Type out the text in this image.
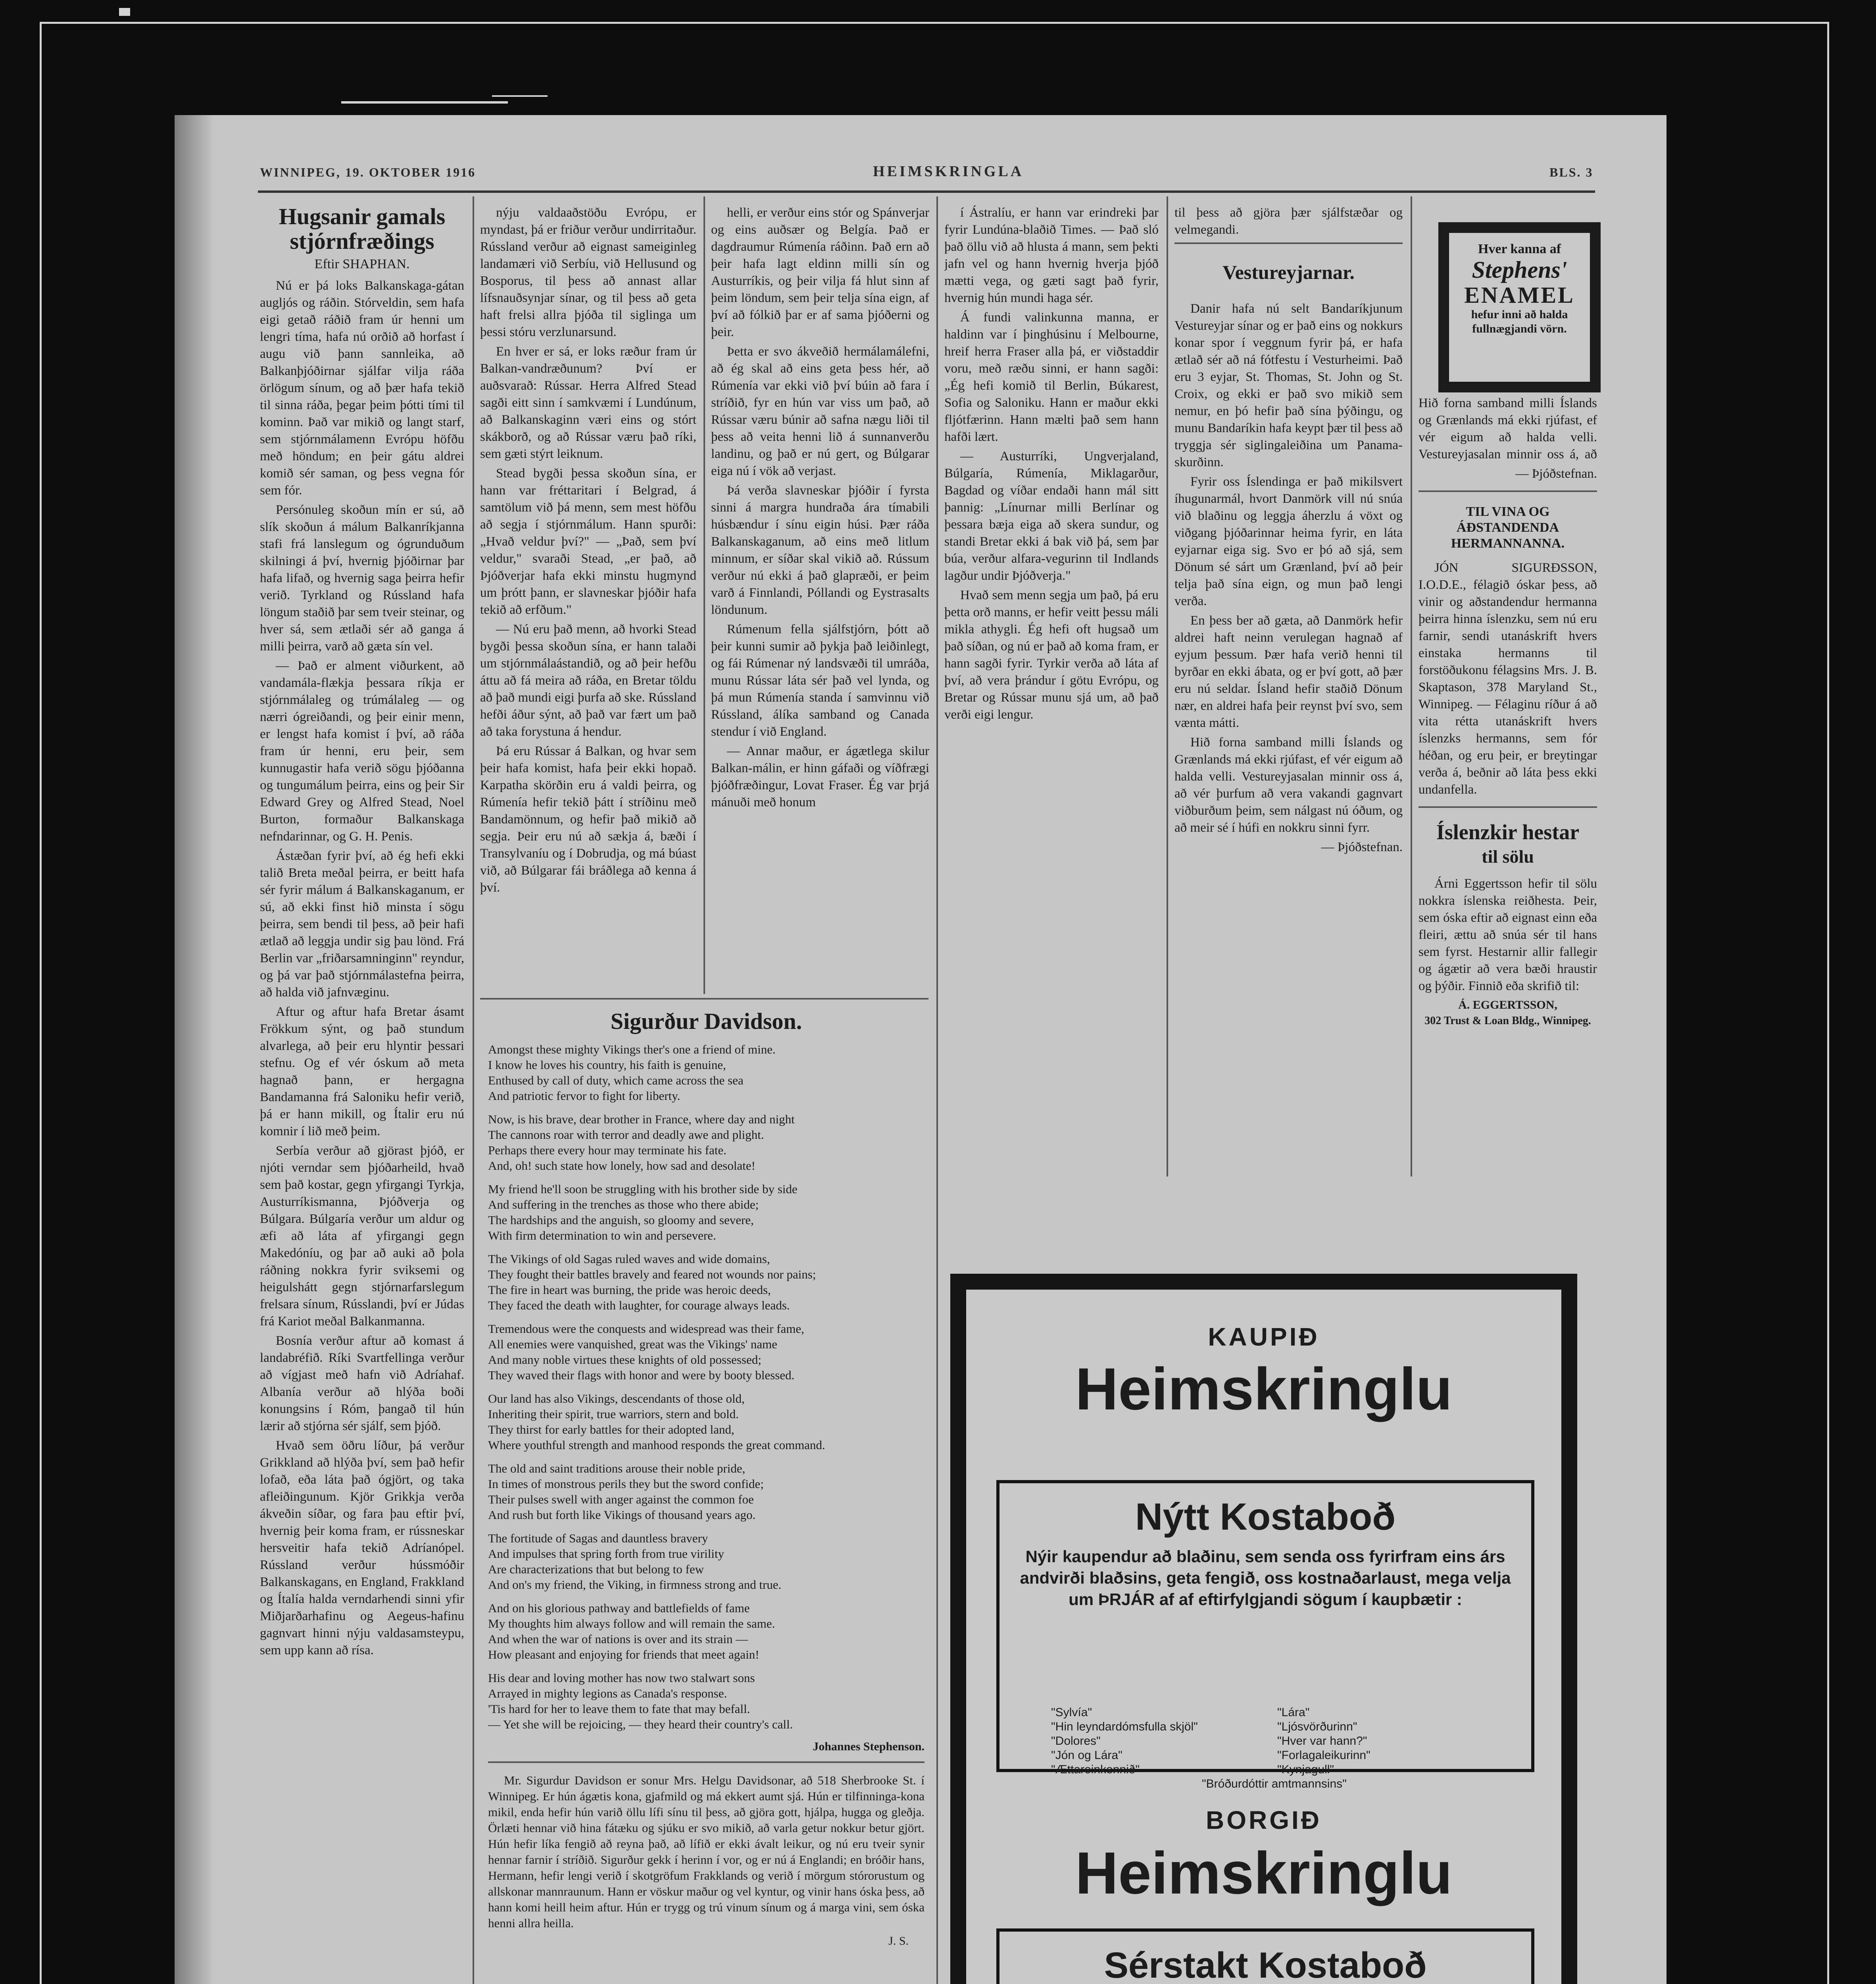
WINNIPEG, 19. OKTOBER 1916	HEIMSKRINGLA	BLS. 3
Hugsanir gamals
stjórnfræðings
Eftir SHAPHAN.

Nú er þá loks Balkanskaga-gátan augljós og ráðin. Stórveldin, sem hafa eigi getað ráðið fram úr henni um lengri tíma, hafa nú orðið að horfast í augu við þann sannleika, að Balkanþjóðirnar sjálfar vilja ráða örlögum sínum, og að þær hafa tekið til sinna ráða, þegar þeim þótti tími til kominn. Það var mikið og langt starf, sem stjórnmálamenn Evrópu höfðu með höndum; en þeir gátu aldrei komið sér saman, og þess vegna fór sem fór.

Persónuleg skoðun mín er sú, að slík skoðun á málum Balkanríkjanna stafi frá lanslegum og ógrunduðum skilningi á því, hvernig þjóðirnar þar hafa lifað, og hvernig saga þeirra hefir verið. Tyrkland og Rússland hafa löngum staðið þar sem tveir steinar, og hver sá, sem ætlaði sér að ganga á milli þeirra, varð að gæta sín vel.

— Það er alment viðurkent, að vandamála-flækja þessara ríkja er stjórnmálaleg og trúmálaleg — og nærri ógreiðandi, og þeir einir menn, er lengst hafa komist í því, að ráða fram úr henni, eru þeir, sem kunnugastir hafa verið sögu þjóðanna og tungumálum þeirra, eins og þeir Sir Edward Grey og Alfred Stead, Noel Burton, formaður Balkanskaga nefndarinnar, og G. H. Penis.

Ástæðan fyrir því, að ég hefi ekki talið Breta meðal þeirra, er beitt hafa sér fyrir málum á Balkanskaganum, er sú, að ekki finst hið minsta í sögu þeirra, sem bendi til þess, að þeir hafi ætlað að leggja undir sig þau lönd. Frá Berlin var „friðarsamninginn" reyndur, og þá var það stjórnmálastefna þeirra, að halda við jafnvæginu.

Aftur og aftur hafa Bretar ásamt Frökkum sýnt, og það stundum alvarlega, að þeir eru hlyntir þessari stefnu. Og ef vér óskum að meta hagnað þann, er hergagna Bandamanna frá Saloniku hefir verið, þá er hann mikill, og Ítalir eru nú komnir í lið með þeim.

Serbía verður að gjörast þjóð, er njóti verndar sem þjóðarheild, hvað sem það kostar, gegn yfirgangi Tyrkja, Austurríkismanna, Þjóðverja og Búlgara. Búlgaría verður um aldur og æfi að láta af yfirgangi gegn Makedóníu, og þar að auki að þola ráðning nokkra fyrir sviksemi og heigulshátt gegn stjórnarfarslegum frelsara sínum, Rússlandi, því er Júdas frá Kariot meðal Balkanmanna.

Bosnía verður aftur að komast á landabréfið. Ríki Svartfellinga verður að vígjast með hafn við Adríahaf. Albanía verður að hlýða boði konungsins í Róm, þangað til hún lærir að stjórna sér sjálf, sem þjóð.

Hvað sem öðru líður, þá verður Grikkland að hlýða því, sem það hefir lofað, eða láta það ógjört, og taka afleiðingunum. Kjör Grikkja verða ákveðin síðar, og fara þau eftir því, hvernig þeir koma fram, er rússneskar hersveitir hafa tekið Adríanópel. Rússland verður hússmóðir Balkanskagans, en England, Frakkland og Ítalía halda verndarhendi sinni yfir Miðjarðarhafinu og Aegeus-hafinu gagnvart hinni nýju valdasamsteypu, sem upp kann að rísa.

nýju valdaaðstöðu Evrópu, er myndast, þá er friður verður undirritaður. Rússland verður að eignast sameiginleg landamæri við Serbíu, við Hellusund og Bosporus, til þess að annast allar lífsnauðsynjar sínar, og til þess að geta haft frelsi allra þjóða til siglinga um þessi stóru verzlunarsund.

En hver er sá, er loks ræður fram úr Balkan-vandræðunum? Því er auðsvarað: Rússar. Herra Alfred Stead sagði eitt sinn í samkvæmi í Lundúnum, að Balkanskaginn væri eins og stórt skákborð, og að Rússar væru það ríki, sem gæti stýrt leiknum.

Stead bygði þessa skoðun sína, er hann var fréttaritari í Belgrad, á samtölum við þá menn, sem mest höfðu að segja í stjórnmálum. Hann spurði: „Hvað veldur því?" — „Það, sem því veldur," svaraði Stead, „er það, að Þjóðverjar hafa ekki minstu hugmynd um þrótt þann, er slavneskar þjóðir hafa tekið að erfðum."

— Nú eru það menn, að hvorki Stead bygði þessa skoðun sína, er hann talaði um stjórnmálaástandið, og að þeir hefðu áttu að fá meira að ráða, en Bretar töldu að það mundi eigi þurfa að ske. Rússland hefði áður sýnt, að það var fært um það að taka forystuna á hendur.

Þá eru Rússar á Balkan, og hvar sem þeir hafa komist, hafa þeir ekki hopað. Karpatha skörðin eru á valdi þeirra, og Rúmenía hefir tekið þátt í stríðinu með Bandamönnum, og hefir það mikið að segja. Þeir eru nú að sækja á, bæði í Transylvaníu og í Dobrudja, og má búast við, að Búlgarar fái bráðlega að kenna á því.

helli, er verður eins stór og Spánverjar og eins auðsær og Belgía. Það er dagdraumur Rúmenía ráðinn. Það ern að þeir hafa lagt eldinn milli sín og Austurríkis, og þeir vilja fá hlut sinn af þeim löndum, sem þeir telja sína eign, af því að fólkið þar er af sama þjóðerni og þeir.

Þetta er svo ákveðið hermálamálefni, að ég skal að eins geta þess hér, að Rúmenía var ekki við því búin að fara í stríðið, fyr en hún var viss um það, að Rússar væru búnir að safna nægu liði til þess að veita henni lið á sunnanverðu landinu, og það er nú gert, og Búlgarar eiga nú í vök að verjast.

Þá verða slavneskar þjóðir í fyrsta sinni á margra hundraða ára tímabili húsbændur í sínu eigin húsi. Þær ráða Balkanskaganum, að eins með litlum minnum, er síðar skal vikið að. Rússum verður nú ekki á það glapræði, er þeim varð á Finnlandi, Póllandi og Eystrasalts löndunum.

Rúmenum fella sjálfstjórn, þótt að þeir kunni sumir að þykja það leiðinlegt, og fái Rúmenar ný landsvæði til umráða, munu Rússar láta sér það vel lynda, og þá mun Rúmenía standa í samvinnu við Rússland, álíka samband og Canada stendur í við England.

— Annar maður, er ágætlega skilur Balkan-málin, er hinn gáfaði og víðfrægi þjóðfræðingur, Lovat Fraser. Ég var þrjá mánuði með honum

Sigurður Davidson.
Amongst these mighty Vikings ther's one a friend of mine.
I know he loves his country, his faith is genuine,
Enthused by call of duty, which came across the sea
And patriotic fervor to fight for liberty.
Now, is his brave, dear brother in France, where day and night
The cannons roar with terror and deadly awe and plight.
Perhaps there every hour may terminate his fate.
And, oh! such state how lonely, how sad and desolate!
My friend he'll soon be struggling with his brother side by side
And suffering in the trenches as those who there abide;
The hardships and the anguish, so gloomy and severe,
With firm determination to win and persevere.
The Vikings of old Sagas ruled waves and wide domains,
They fought their battles bravely and feared not wounds nor pains;
The fire in heart was burning, the pride was heroic deeds,
They faced the death with laughter, for courage always leads.
Tremendous were the conquests and widespread was their fame,
All enemies were vanquished, great was the Vikings' name
And many noble virtues these knights of old possessed;
They waved their flags with honor and were by booty blessed.
Our land has also Vikings, descendants of those old,
Inheriting their spirit, true warriors, stern and bold.
They thirst for early battles for their adopted land,
Where youthful strength and manhood responds the great command.
The old and saint traditions arouse their noble pride,
In times of monstrous perils they but the sword confide;
Their pulses swell with anger against the common foe
And rush but forth like Vikings of thousand years ago.
The fortitude of Sagas and dauntless bravery
And impulses that spring forth from true virility
Are characterizations that but belong to few
And on's my friend, the Viking, in firmness strong and true.
And on his glorious pathway and battlefields of fame
My thoughts him always follow and will remain the same.
And when the war of nations is over and its strain —
How pleasant and enjoying for friends that meet again!
His dear and loving mother has now two stalwart sons
Arrayed in mighty legions as Canada's response.
'Tis hard for her to leave them to fate that may befall.
— Yet she will be rejoicing, — they heard their country's call.
Johannes Stephenson.

Mr. Sigurdur Davidson er sonur Mrs. Helgu Davidsonar, að 518 Sherbrooke St. í Winnipeg. Er hún ágætis kona, gjafmild og má ekkert aumt sjá. Hún er tilfinninga-kona mikil, enda hefir hún varið öllu lífi sínu til þess, að gjöra gott, hjálpa, hugga og gleðja. Örlæti hennar við hina fátæku og sjúku er svo mikið, að varla getur nokkur betur gjört. Hún hefir líka fengið að reyna það, að lífið er ekki ávalt leikur, og nú eru tveir synir hennar farnir í stríðið. Sigurður gekk í herinn í vor, og er nú á Englandi; en bróðir hans, Hermann, hefir lengi verið í skotgröfum Frakklands og verið í mörgum stórorustum og allskonar mannraunum. Hann er vöskur maður og vel kyntur, og vinir hans óska þess, að hann komi heill heim aftur. Hún er trygg og trú vinum sínum og á marga vini, sem óska henni allra heilla.

J. S.

í Ástralíu, er hann var erindreki þar fyrir Lundúna-blaðið Times. — Það sló það öllu við að hlusta á mann, sem þekti jafn vel og hann hvernig hverja þjóð mætti vega, og gæti sagt það fyrir, hvernig hún mundi haga sér.

Á fundi valinkunna manna, er haldinn var í þinghúsinu í Melbourne, hreif herra Fraser alla þá, er viðstaddir voru, með ræðu sinni, er hann sagði: „Ég hefi komið til Berlin, Búkarest, Sofia og Saloniku. Hann er maður ekki fljótfærinn. Hann mælti það sem hann hafði lært.

— Austurríki, Ungverjaland, Búlgaría, Rúmenía, Miklagarður, Bagdad og víðar endaði hann mál sitt þannig: „Línurnar milli Berlínar og þessara bæja eiga að skera sundur, og standi Bretar ekki á bak við þá, sem þar búa, verður alfara-vegurinn til Indlands lagður undir Þjóðverja."

Hvað sem menn segja um það, þá eru þetta orð manns, er hefir veitt þessu máli mikla athygli. Ég hefi oft hugsað um það síðan, og nú er það að koma fram, er hann sagði fyrir. Tyrkir verða að láta af því, að vera þrándur í götu Evrópu, og Bretar og Rússar munu sjá um, að það verði eigi lengur.

til þess að gjöra þær sjálfstæðar og velmegandi.

Vestureyjarnar.

Danir hafa nú selt Bandaríkjunum Vestureyjar sínar og er það eins og nokkurs konar spor í veggnum fyrir þá, er hafa ætlað sér að ná fótfestu í Vesturheimi. Það eru 3 eyjar, St. Thomas, St. John og St. Croix, og ekki er það svo mikið sem nemur, en þó hefir það sína þýðingu, og munu Bandaríkin hafa keypt þær til þess að tryggja sér siglingaleiðina um Panama-skurðinn.

Fyrir oss Íslendinga er það mikilsvert íhugunarmál, hvort Danmörk vill nú snúa við blaðinu og leggja áherzlu á vöxt og viðgang þjóðarinnar heima fyrir, en láta eyjarnar eiga sig. Svo er þó að sjá, sem Dönum sé sárt um Grænland, því að þeir telja það sína eign, og mun það lengi verða.

En þess ber að gæta, að Danmörk hefir aldrei haft neinn verulegan hagnað af eyjum þessum. Þær hafa verið henni til byrðar en ekki ábata, og er því gott, að þær eru nú seldar. Ísland hefir staðið Dönum nær, en aldrei hafa þeir reynst því svo, sem vænta mátti.

Hið forna samband milli Íslands og Grænlands má ekki rjúfast, ef vér eigum að halda velli. Vestureyjasalan minnir oss á, að vér þurfum að vera vakandi gagnvart viðburðum þeim, sem nálgast nú óðum, og að meir sé í húfi en nokkru sinni fyrr.

— Þjóðstefnan.

Hver kanna af
Stephens'
ENAMEL
hefur inni að halda
fullnægjandi vörn.

Hið forna samband milli Íslands og Grænlands má ekki rjúfast, ef vér eigum að halda velli. Vestureyjasalan minnir oss á, að

— Þjóðstefnan.

TIL VINA OG ÁÐSTANDENDA
HERMANNANNA.

JÓN SIGURÐSSON, I.O.D.E., félagið óskar þess, að vinir og aðstandendur hermanna þeirra hinna íslenzku, sem nú eru farnir, sendi utanáskrift hvers einstaka hermanns til forstöðukonu félagsins Mrs. J. B. Skaptason, 378 Maryland St., Winnipeg. — Félaginu ríður á að vita rétta utanáskrift hvers íslenzks hermanns, sem fór héðan, og eru þeir, er breytingar verða á, beðnir að láta þess ekki undanfella.

Íslenzkir hestar
til sölu

Árni Eggertsson hefir til sölu nokkra íslenska reiðhesta. Þeir, sem óska eftir að eignast einn eða fleiri, ættu að snúa sér til hans sem fyrst. Hestarnir allir fallegir og ágætir að vera bæði hraustir og þýðir. Finnið eða skrifið til:

Á. EGGERTSSON,
302 Trust & Loan Bldg., Winnipeg.
KAUPIÐ
Heimskringlu
Nýtt Kostaboð
Nýir kaupendur að blaðinu, sem senda oss fyrirfram eins árs andvirði blaðsins, geta fengið, oss kostnaðarlaust, mega velja um ÞRJÁR af af eftirfylgjandi sögum í kaupbætir :
"Sylvía"
"Hin leyndardómsfulla skjöl"
"Dolores"
"Jón og Lára"
"Ættareinkennið"
"Lára"
"Ljósvörðurinn"
"Hver var hann?"
"Forlagaleikurinn"
"Kynjagull"
"Bróðurdóttir amtmannsins"
BORGIÐ
Heimskringlu
Sérstakt Kostaboð
